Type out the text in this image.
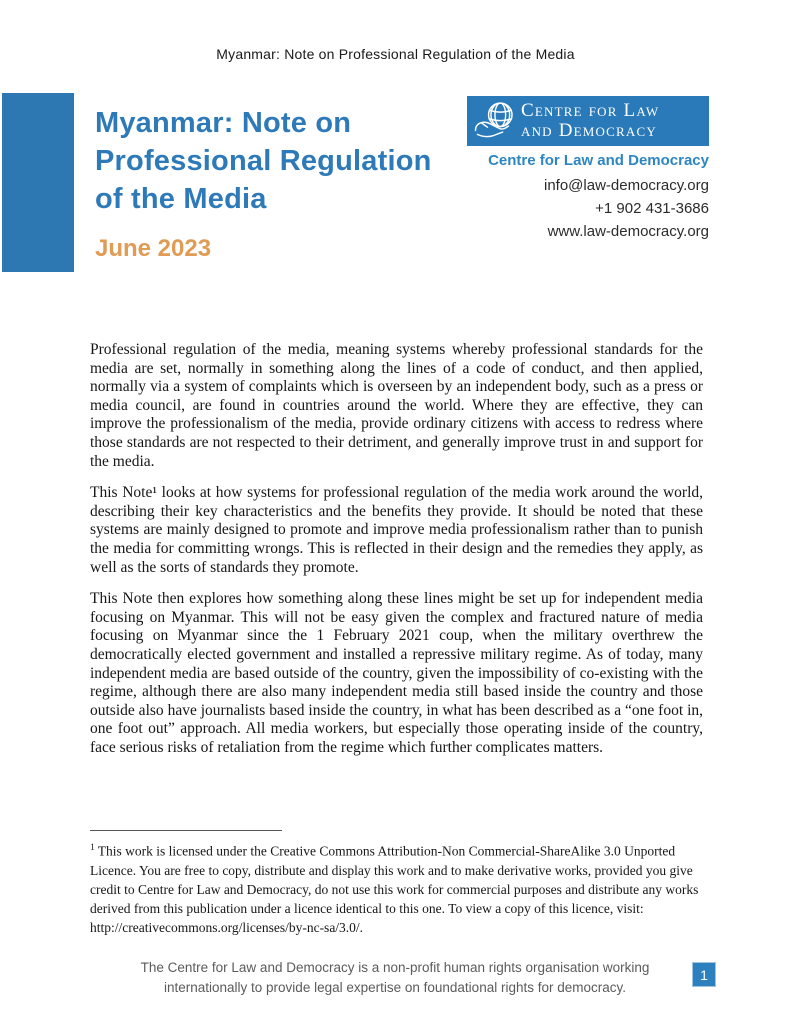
Myanmar: Note on Professional Regulation of the Media
Myanmar: Note on
Professional Regulation
of the Media
June 2023
Centre for Law
and Democracy
Centre for Law and Democracy
info@law-democracy.org
+1 902 431-3686
www.law-democracy.org

Professional regulation of the media, meaning systems whereby professional standards for the media are set, normally in something along the lines of a code of conduct, and then applied, normally via a system of complaints which is overseen by an independent body, such as a press or media council, are found in countries around the world. Where they are effective, they can improve the professionalism of the media, provide ordinary citizens with access to redress where those standards are not respected to their detriment, and generally improve trust in and support for the media.

This Note¹ looks at how systems for professional regulation of the media work around the world, describing their key characteristics and the benefits they provide. It should be noted that these systems are mainly designed to promote and improve media professionalism rather than to punish the media for committing wrongs. This is reflected in their design and the remedies they apply, as well as the sorts of standards they promote.

This Note then explores how something along these lines might be set up for independent media focusing on Myanmar. This will not be easy given the complex and fractured nature of media focusing on Myanmar since the 1 February 2021 coup, when the military overthrew the democratically elected government and installed a repressive military regime. As of today, many independent media are based outside of the country, given the impossibility of co-existing with the regime, although there are also many independent media still based inside the country and those outside also have journalists based inside the country, in what has been described as a “one foot in, one foot out” approach. All media workers, but especially those operating inside of the country, face serious risks of retaliation from the regime which further complicates matters.

$^1$ This work is licensed under the Creative Commons Attribution-Non Commercial-ShareAlike 3.0 Unported Licence. You are free to copy, distribute and display this work and to make derivative works, provided you give credit to Centre for Law and Democracy, do not use this work for commercial purposes and distribute any works derived from this publication under a licence identical to this one. To view a copy of this licence, visit: http://creativecommons.org/licenses/by-nc-sa/3.0/.
The Centre for Law and Democracy is a non-profit human rights organisation working internationally to provide legal expertise on foundational rights for democracy.
1
